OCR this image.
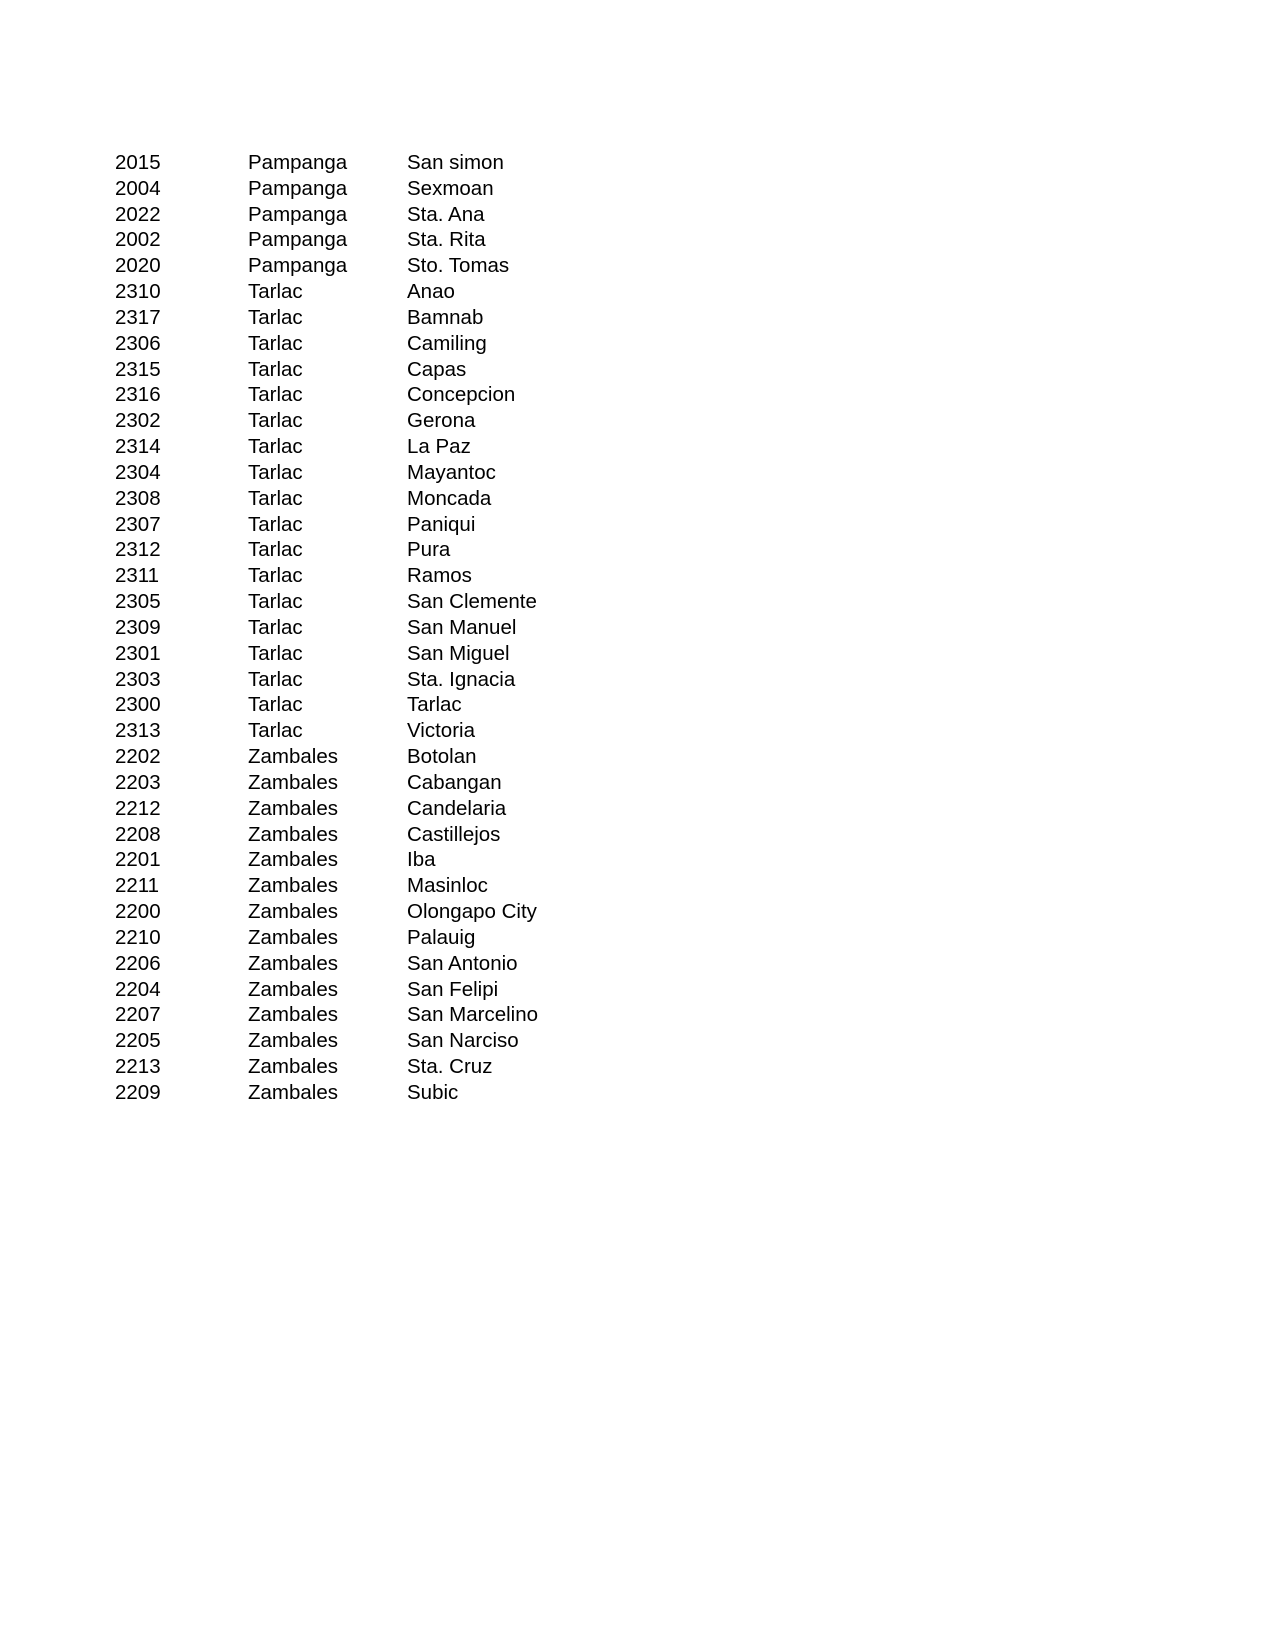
2015	Pampanga	San simon
2004	Pampanga	Sexmoan
2022	Pampanga	Sta. Ana
2002	Pampanga	Sta. Rita
2020	Pampanga	Sto. Tomas
2310	Tarlac	Anao
2317	Tarlac	Bamnab
2306	Tarlac	Camiling
2315	Tarlac	Capas
2316	Tarlac	Concepcion
2302	Tarlac	Gerona
2314	Tarlac	La Paz
2304	Tarlac	Mayantoc
2308	Tarlac	Moncada
2307	Tarlac	Paniqui
2312	Tarlac	Pura
2311	Tarlac	Ramos
2305	Tarlac	San Clemente
2309	Tarlac	San Manuel
2301	Tarlac	San Miguel
2303	Tarlac	Sta. Ignacia
2300	Tarlac	Tarlac
2313	Tarlac	Victoria
2202	Zambales	Botolan
2203	Zambales	Cabangan
2212	Zambales	Candelaria
2208	Zambales	Castillejos
2201	Zambales	Iba
2211	Zambales	Masinloc
2200	Zambales	Olongapo City
2210	Zambales	Palauig
2206	Zambales	San Antonio
2204	Zambales	San Felipi
2207	Zambales	San Marcelino
2205	Zambales	San Narciso
2213	Zambales	Sta. Cruz
2209	Zambales	Subic
